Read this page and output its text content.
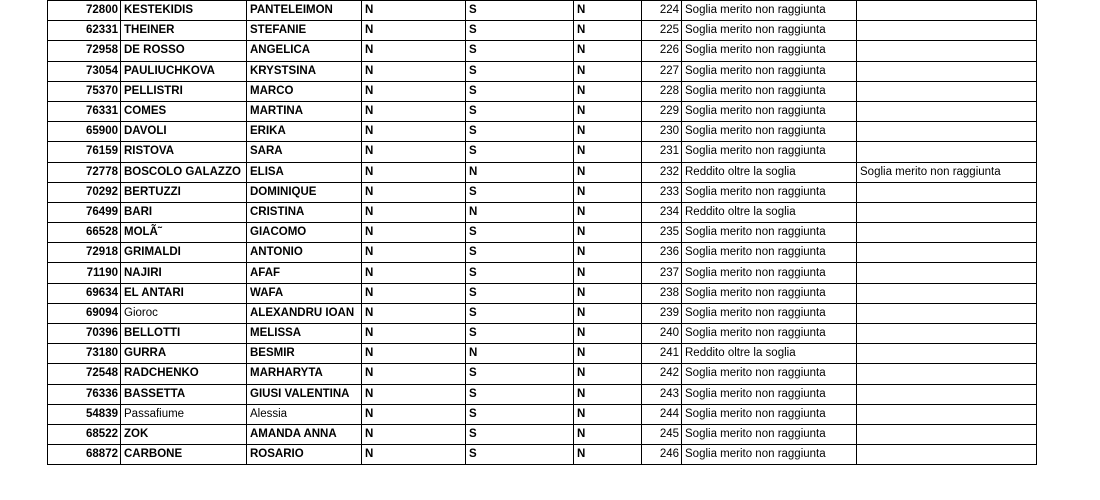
72800	KESTEKIDIS	PANTELEIMON	N	S	N	224	Soglia merito non raggiunta	
62331	THEINER	STEFANIE	N	S	N	225	Soglia merito non raggiunta	
72958	DE ROSSO	ANGELICA	N	S	N	226	Soglia merito non raggiunta	
73054	PAULIUCHKOVA	KRYSTSINA	N	S	N	227	Soglia merito non raggiunta	
75370	PELLISTRI	MARCO	N	S	N	228	Soglia merito non raggiunta	
76331	COMES	MARTINA	N	S	N	229	Soglia merito non raggiunta	
65900	DAVOLI	ERIKA	N	S	N	230	Soglia merito non raggiunta	
76159	RISTOVA	SARA	N	S	N	231	Soglia merito non raggiunta	
72778	BOSCOLO GALAZZO	ELISA	N	N	N	232	Reddito oltre la soglia	Soglia merito non raggiunta
70292	BERTUZZI	DOMINIQUE	N	S	N	233	Soglia merito non raggiunta	
76499	BARI	CRISTINA	N	N	N	234	Reddito oltre la soglia	
66528	MOLÃ˜	GIACOMO	N	S	N	235	Soglia merito non raggiunta	
72918	GRIMALDI	ANTONIO	N	S	N	236	Soglia merito non raggiunta	
71190	NAJIRI	AFAF	N	S	N	237	Soglia merito non raggiunta	
69634	EL ANTARI	WAFA	N	S	N	238	Soglia merito non raggiunta	
69094	Gioroc	ALEXANDRU IOAN	N	S	N	239	Soglia merito non raggiunta	
70396	BELLOTTI	MELISSA	N	S	N	240	Soglia merito non raggiunta	
73180	GURRA	BESMIR	N	N	N	241	Reddito oltre la soglia	
72548	RADCHENKO	MARHARYTA	N	S	N	242	Soglia merito non raggiunta	
76336	BASSETTA	GIUSI VALENTINA	N	S	N	243	Soglia merito non raggiunta	
54839	Passafiume	Alessia	N	S	N	244	Soglia merito non raggiunta	
68522	ZOK	AMANDA ANNA	N	S	N	245	Soglia merito non raggiunta	
68872	CARBONE	ROSARIO	N	S	N	246	Soglia merito non raggiunta	
